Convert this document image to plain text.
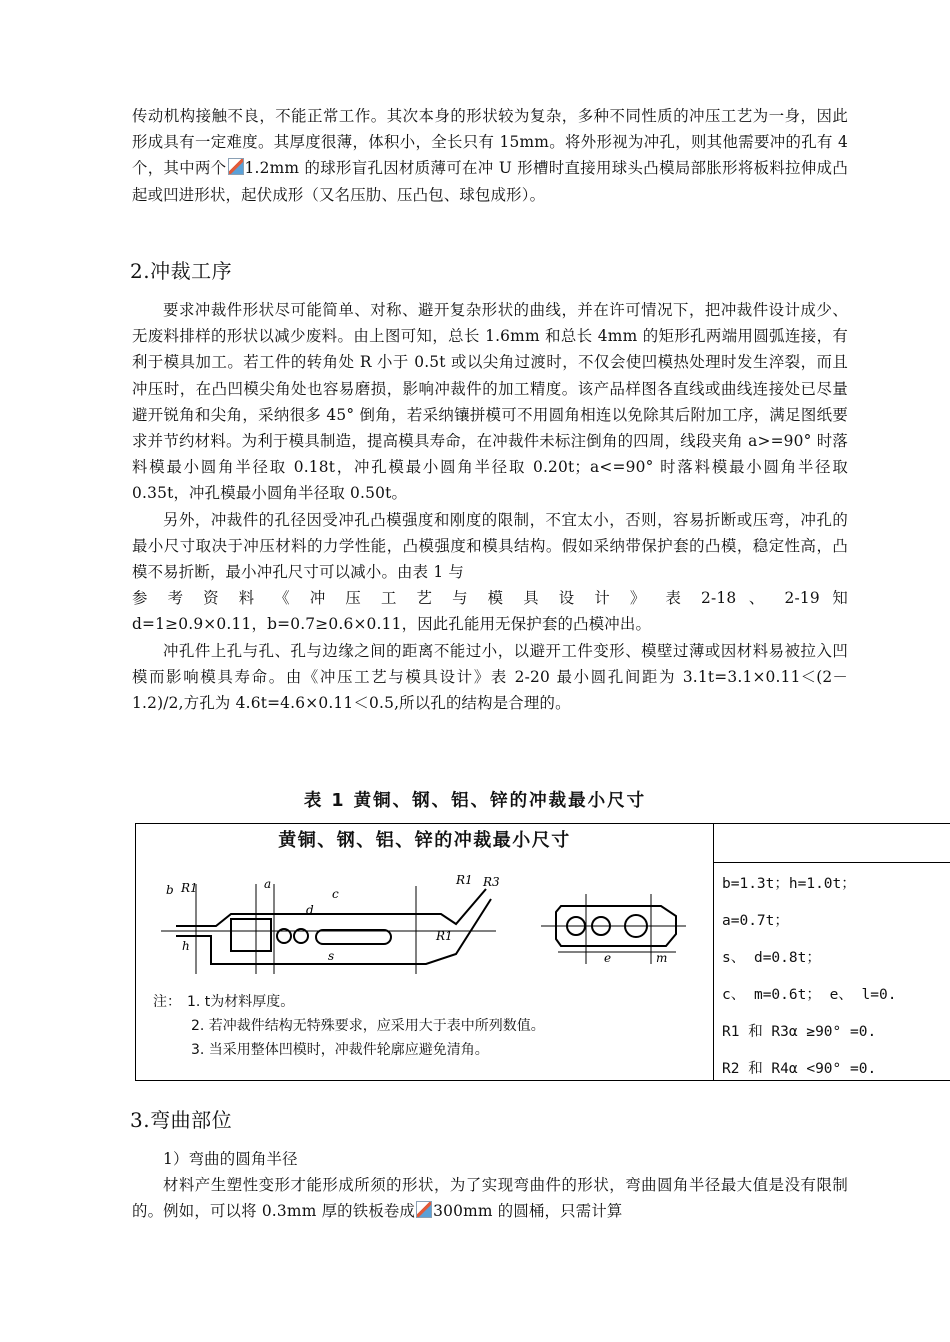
传动机构接触不良，不能正常工作。其次本身的形状较为复杂，多种不同性质的冲压工艺为一身，因此形成具有一定难度。其厚度很薄，体积小，全长只有 15mm。将外形视为冲孔，则其他需要冲的孔有 4 个，其中两个 1.2mm 的球形盲孔因材质薄可在冲 U 形槽时直接用球头凸模局部胀形将板料拉伸成凸起或凹进形状，起伏成形（又名压肋、压凸包、球包成形）。

2.冲裁工序

要求冲裁件形状尽可能简单、对称、避开复杂形状的曲线，并在许可情况下，把冲裁件设计成少、无废料排样的形状以减少废料。由上图可知，总长 1.6mm 和总长 4mm 的矩形孔两端用圆弧连接，有利于模具加工。若工件的转角处 R 小于 0.5t 或以尖角过渡时，不仅会使凹模热处理时发生淬裂，而且冲压时，在凸凹模尖角处也容易磨损，影响冲裁件的加工精度。该产品样图各直线或曲线连接处已尽量避开锐角和尖角，采纳很多 45° 倒角，若采纳镶拼模可不用圆角相连以免除其后附加工序，满足图纸要求并节约材料。为利于模具制造，提高模具寿命，在冲裁件未标注倒角的四周，线段夹角 a>=90° 时落料模最小圆角半径取 0.18t，冲孔模最小圆角半径取 0.20t；a<=90° 时落料模最小圆角半径取 0.35t，冲孔模最小圆角半径取 0.50t。

另外，冲裁件的孔径因受冲孔凸模强度和刚度的限制，不宜太小，否则，容易折断或压弯，冲孔的最小尺寸取决于冲压材料的力学性能，凸模强度和模具结构。假如采纳带保护套的凸模，稳定性高，凸模不易折断，最小冲孔尺寸可以减小。由表 1 与

参 考 资 料 《 冲 压 工 艺 与 模 具 设 计 》 表 2-18 、 2-19 知

d=1≥0.9×0.11，b=0.7≥0.6×0.11，因此孔能用无保护套的凸模冲出。

冲孔件上孔与孔、孔与边缘之间的距离不能过小，以避开工件变形、模壁过薄或因材料易被拉入凹模而影响模具寿命。由《冲压工艺与模具设计》表 2-20 最小圆孔间距为 3.1t=3.1×0.11＜(2－1.2)/2,方孔为 4.6t=4.6×0.11＜0.5,所以孔的结构是合理的。

表 1 黄铜、钢、铝、锌的冲裁最小尺寸
黄铜、钢、铝、锌的冲裁最小尺寸
b R1	a
h
R1 R3
R1
s
d
c
e	m
注： 1. t为材料厚度。
2. 若冲裁件结构无特殊要求，应采用大于表中所列数值。
3. 当采用整体凹模时，冲裁件轮廓应避免清角。
b=1.3t；h=1.0t；
a=0.7t；
s、 d=0.8t；
c、 m=0.6t； e、 l=0.
R1 和 R3α ≥90° =0.
R2 和 R4α <90° =0.
3.弯曲部位

1）弯曲的圆角半径

材料产生塑性变形才能形成所须的形状，为了实现弯曲件的形状，弯曲圆角半径最大值是没有限制的。例如，可以将 0.3mm 厚的铁板卷成 300mm 的圆桶，只需计算
